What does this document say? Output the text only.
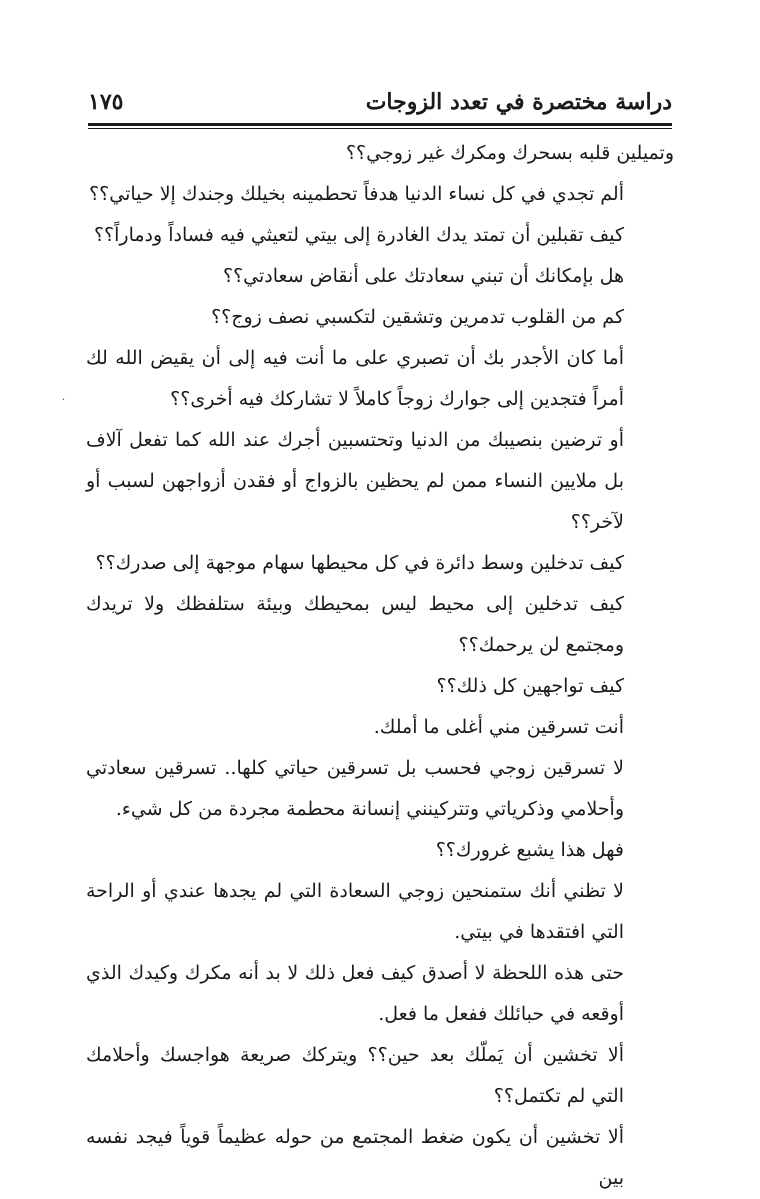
دراسة مختصرة في تعدد الزوجات
١٧٥

وتميلين قلبه بسحرك ومكرك غير زوجي؟؟

ألم تجدي في كل نساء الدنيا هدفاً تحطمينه بخيلك وجندك إلا حياتي؟؟

كيف تقبلين أن تمتد يدك الغادرة إلى بيتي لتعيثي فيه فساداً ودماراً؟؟

هل بإمكانك أن تبني سعادتك على أنقاض سعادتي؟؟

كم من القلوب تدمرين وتشقين لتكسبي نصف زوج؟؟

أما كان الأجدر بك أن تصبري على ما أنت فيه إلى أن يقيض الله لك أمراً فتجدين إلى جوارك زوجاً كاملاً لا تشاركك فيه أخرى؟؟

أو ترضين بنصيبك من الدنيا وتحتسبين أجرك عند الله كما تفعل آلاف بل ملايين النساء ممن لم يحظين بالزواج أو فقدن أزواجهن لسبب أو لآخر؟؟

كيف تدخلين وسط دائرة في كل محيطها سهام موجهة إلى صدرك؟؟

كيف تدخلين إلى محيط ليس بمحيطك وبيئة ستلفظك ولا تريدك ومجتمع لن يرحمك؟؟

كيف تواجهين كل ذلك؟؟

أنت تسرقين مني أغلى ما أملك.

لا تسرقين زوجي فحسب بل تسرقين حياتي كلها.. تسرقين سعادتي وأحلامي وذكرياتي وتتركينني إنسانة محطمة مجردة من كل شيء.

فهل هذا يشبع غرورك؟؟

لا تظني أنك ستمنحين زوجي السعادة التي لم يجدها عندي أو الراحة التي افتقدها في بيتي.

حتى هذه اللحظة لا أصدق كيف فعل ذلك لا بد أنه مكرك وكيدك الذي أوقعه في حبائلك ففعل ما فعل.

ألا تخشين أن يَملّك بعد حين؟؟ ويتركك صريعة هواجسك وأحلامك التي لم تكتمل؟؟

ألا تخشين أن يكون ضغط المجتمع من حوله عظيماً قوياً فيجد نفسه بين

·
